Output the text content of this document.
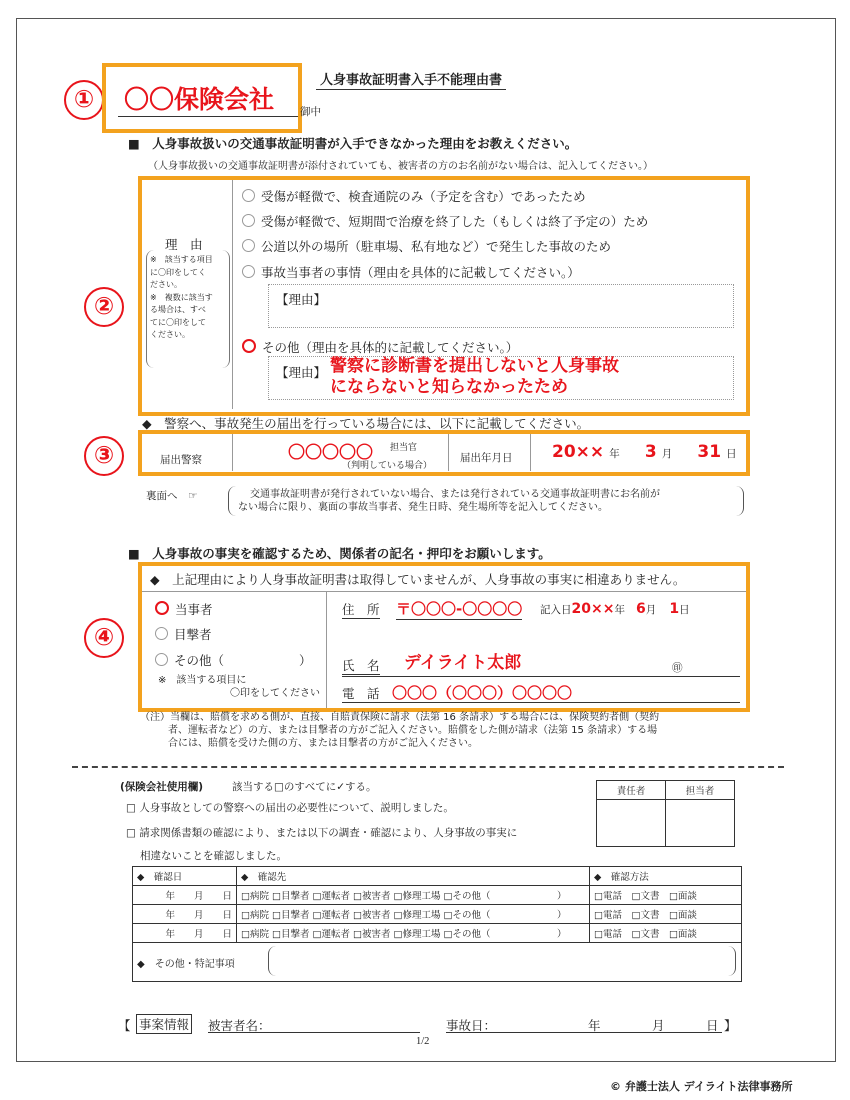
①	〇〇保険会社 御中
人身事故証明書入手不能理由書
■　人身事故扱いの交通事故証明書が入手できなかった理由をお教えください。
（人身事故扱いの交通事故証明書が添付されていても、被害者の方のお名前がない場合は、記入してください。）
②
理　由
※　該当する項目
に〇印をしてく
ださい。
※　複数に該当す
る場合は、すべ
てに〇印をして
ください。
受傷が軽微で、検査通院のみ（予定を含む）であったため
受傷が軽微で、短期間で治療を終了した（もしくは終了予定の）ため
公道以外の場所（駐車場、私有地など）で発生した事故のため
事故当事者の事情（理由を具体的に記載してください。）
【理由】
その他（理由を具体的に記載してください。）
【理由】 警察に診断書を提出しないと人身事故
にならないと知らなかったため
◆　警察へ、事故発生の届出を行っている場合には、以下に記載してください。
③	届出警察	〇〇〇〇〇 担当官
（判明している場合）
届出年月日 20×× 年 3 月 31 日
裏面へ　☞	交通事故証明書が発行されていない場合、または発行されている交通事故証明書にお名前が
ない場合に限り、裏面の事故当事者、発生日時、発生場所等を記入してください。
■　人身事故の事実を確認するため、関係者の記名・押印をお願いします。
④
◆　上記理由により人身事故証明書は取得していませんが、人身事故の事実に相違ありません。
当事者
目撃者
その他（　　　　　　）
※　該当する項目に
〇印をしてください
住　所 〒〇〇〇-〇〇〇〇 記入日20××年 6月 1日
氏　名 デイライト太郎	㊞
電　話 〇〇〇（〇〇〇）〇〇〇〇
（注）当欄は、賠償を求める側が、直接、自賠責保険に請求（法第 16 条請求）する場合には、保険契約者側（契約
者、運転者など）の方、または目撃者の方がご記入ください。賠償をした側が請求（法第 15 条請求）する場
合には、賠償を受けた側の方、または目撃者の方がご記入ください。
(保険会社使用欄)	該当する□のすべてに✓する。
□ 人身事故としての警察への届出の必要性について、説明しました。
□ 請求関係書類の確認により、または以下の調査・確認により、人身事故の事実に
相違ないことを確認しました。
責任者	担当者

◆　確認日	◆　確認先	◆　確認方法
年　　月　　日	□病院 □目撃者 □運転者 □被害者 □修理工場 □その他（　　　　　　　）	□電話　□文書　□面談
年　　月　　日	□病院 □目撃者 □運転者 □被害者 □修理工場 □その他（　　　　　　　）	□電話　□文書　□面談
年　　月　　日	□病院 □目撃者 □運転者 □被害者 □修理工場 □その他（　　　　　　　）	□電話　□文書　□面談
◆　その他・特記事項		
【 事案情報 被害者名：	事故日：	年	月	日 】
1/2
© 弁護士法人 デイライト法律事務所
